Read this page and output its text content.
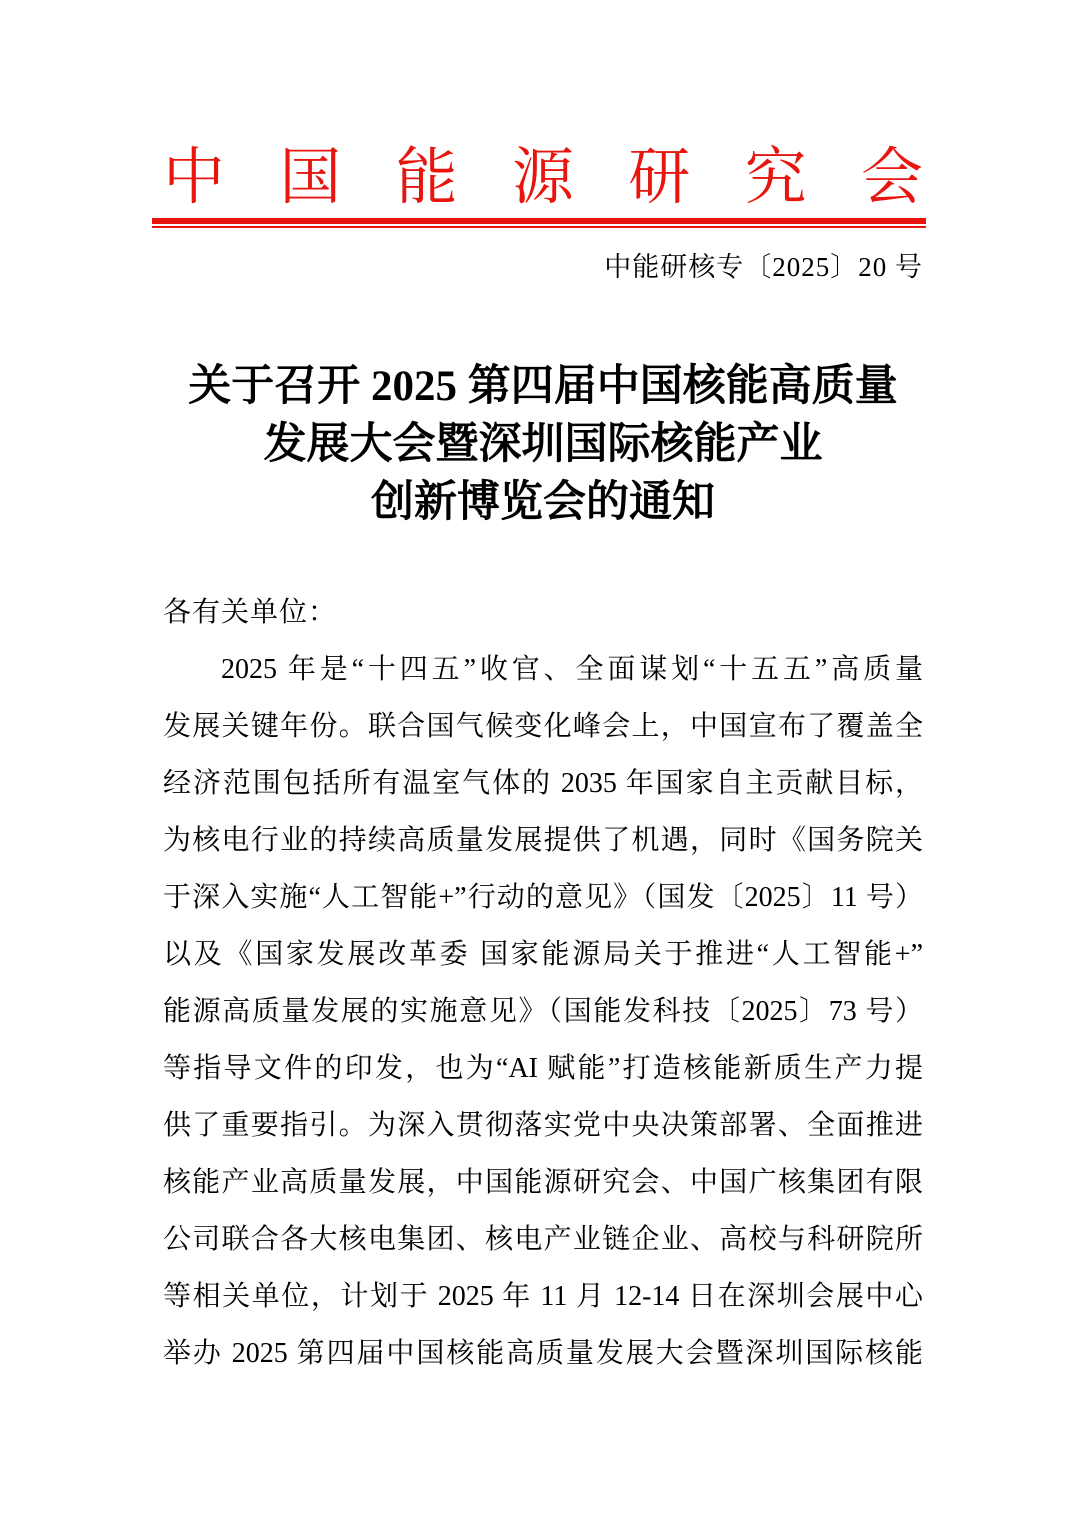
中 国 能 源 研 究 会
中能研核专〔2025〕20 号
关于召开 2025 第四届中国核能高质量
发展大会暨深圳国际核能产业
创新博览会的通知
各有关单位：
2025 年是“十四五”收官、全面谋划“十五五”高质量
发展关键年份。联合国气候变化峰会上，中国宣布了覆盖全
经济范围包括所有温室气体的 2035 年国家自主贡献目标，
为核电行业的持续高质量发展提供了机遇，同时《国务院关
于深入实施“人工智能+”行动的意见》（国发〔2025〕11 号）
以及《国家发展改革委 国家能源局关于推进“人工智能+”
能源高质量发展的实施意见》（国能发科技〔2025〕73 号）
等指导文件的印发，也为“AI 赋能”打造核能新质生产力提
供了重要指引。为深入贯彻落实党中央决策部署、全面推进
核能产业高质量发展，中国能源研究会、中国广核集团有限
公司联合各大核电集团、核电产业链企业、高校与科研院所
等相关单位，计划于 2025 年 11 月 12-14 日在深圳会展中心
举办 2025 第四届中国核能高质量发展大会暨深圳国际核能
